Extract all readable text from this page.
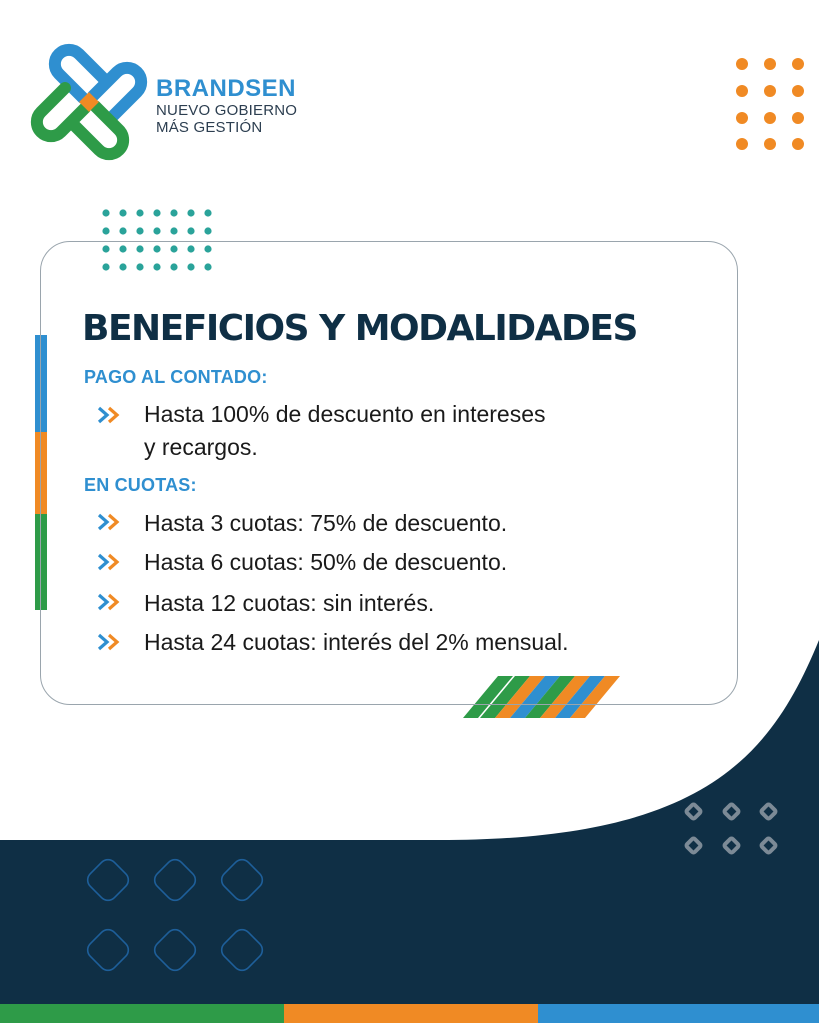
BRANDSEN
NUEVO GOBIERNO
MÁS GESTIÓN
BENEFICIOS Y MODALIDADES
PAGO AL CONTADO:
Hasta 100% de descuento en intereses
y recargos.
EN CUOTAS:
Hasta 3 cuotas: 75% de descuento.
Hasta 6 cuotas: 50% de descuento.
Hasta 12 cuotas: sin interés.
Hasta 24 cuotas: interés del 2% mensual.
